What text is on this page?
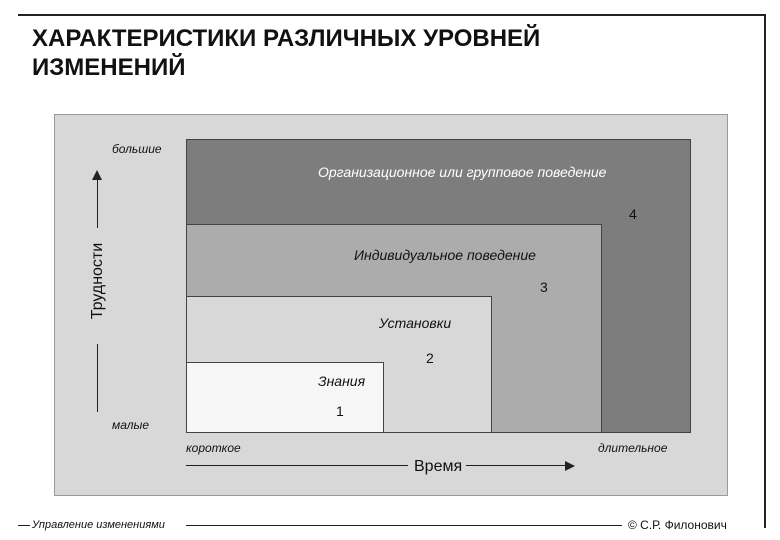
ХАРАКТЕРИСТИКИ РАЗЛИЧНЫХ УРОВНЕЙ ИЗМЕНЕНИЙ
Организационное или групповое поведение
4
Индивидуальное поведение
3
Установки
2
Знания
1
большие
малые
Трудности
короткое	длительное
Время
Управление изменениями	© С.Р. Филонович
